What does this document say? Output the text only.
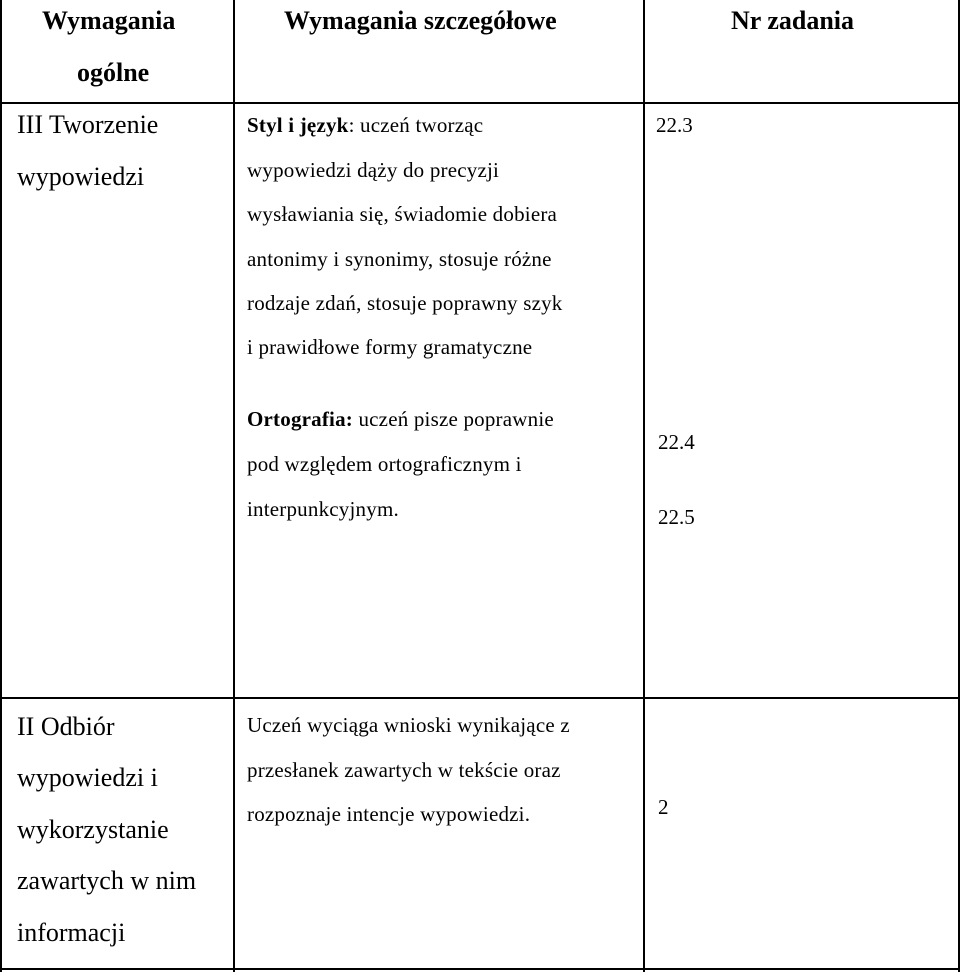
Wymagania
ogólne
Wymagania szczegółowe	Nr zadania
III Tworzenie
wypowiedzi
Styl i język: uczeń tworząc
wypowiedzi dąży do precyzji
wysławiania się, świadomie dobiera
antonimy i synonimy, stosuje różne
rodzaje zdań, stosuje poprawny szyk
i prawidłowe formy gramatyczne
22.3
Ortografia: uczeń pisze poprawnie
pod względem ortograficznym i
interpunkcyjnym.
22.4
22.5
II Odbiór
wypowiedzi i
wykorzystanie
zawartych w nim
informacji
Uczeń wyciąga wnioski wynikające z
przesłanek zawartych w tekście oraz
rozpoznaje intencje wypowiedzi.	2
